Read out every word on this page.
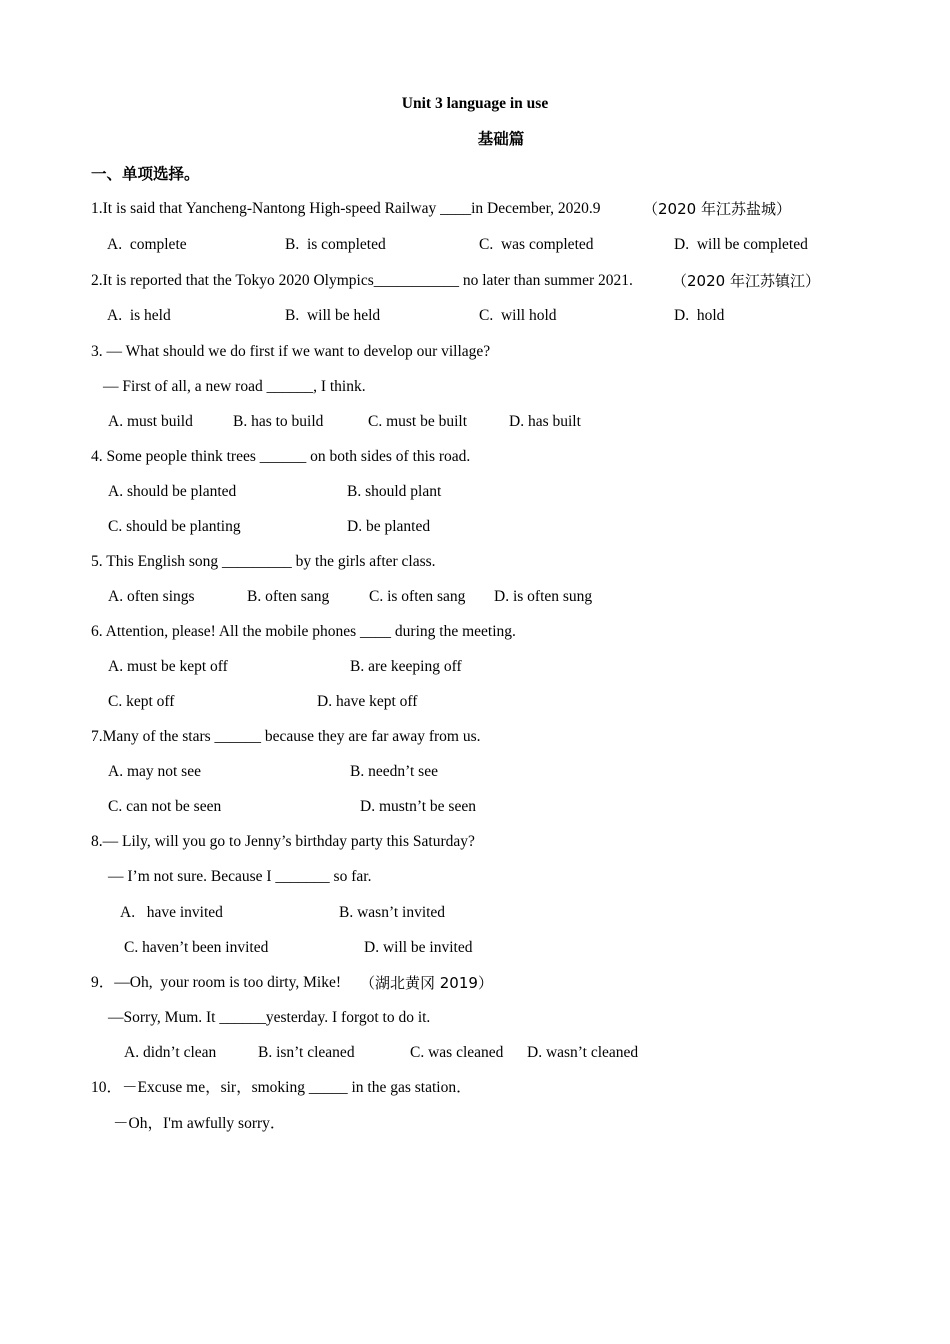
Unit 3 language in use
基础篇
一、单项选择。
1.It is said that Yancheng-Nantong High-speed Railway ____in December, 2020.9	（2020 年江苏盐城）
A.  complete	B.  is completed	C.  was completed	D.  will be completed
2.It is reported that the Tokyo 2020 Olympics___________ no later than summer 2021.	（2020 年江苏镇江）
A.  is held	B.  will be held	C.  will hold	D.  hold
3. — What should we do first if we want to develop our village?
— First of all, a new road ______, I think.
A. must build	B. has to build	C. must be built	D. has built
4. Some people think trees ______ on both sides of this road.
A. should be planted	B. should plant
C. should be planting	D. be planted
5. This English song _________ by the girls after class.
A. often sings	B. often sang	C. is often sang D. is often sung
6. Attention, please! All the mobile phones ____ during the meeting.
A. must be kept off	B. are keeping off
C. kept off	D. have kept off
7.Many of the stars ______ because they are far away from us.
A. may not see	B. needn’t see
C. can not be seen	D. mustn’t be seen
8.— Lily, will you go to Jenny’s birthday party this Saturday?
— I’m not sure. Because I _______ so far.
A.   have invited	B. wasn’t invited
C. haven’t been invited	D. will be invited
9．—Oh,  your room is too dirty, Mike! （湖北黄冈 2019）
—Sorry, Mum. It ______yesterday. I forgot to do it.
A. didn’t clean	B. isn’t cleaned	C. was cleaned D. wasn’t cleaned
10．－Excuse me，sir，smoking _____ in the gas station．
－Oh，I'm awfully sorry．
